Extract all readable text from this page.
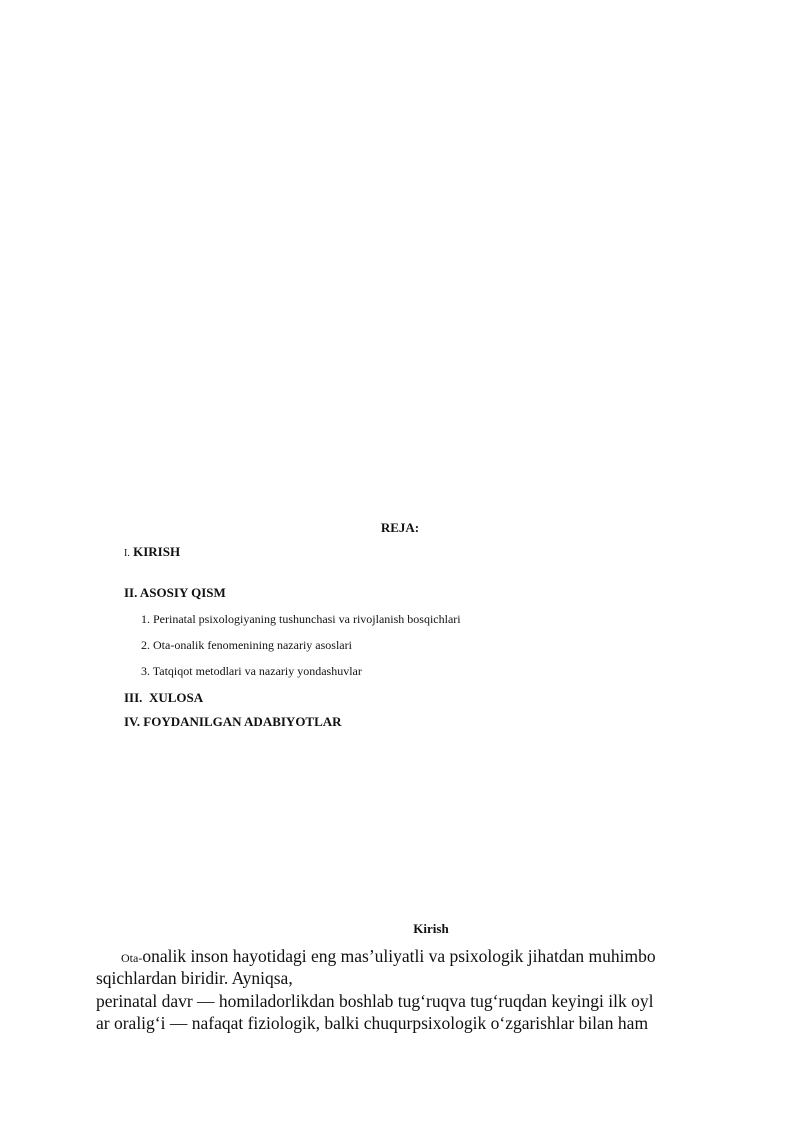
REJA:
I. KIRISH
II. ASOSIY QISM
1. Perinatal psixologiyaning tushunchasi va rivojlanish bosqichlari
2. Ota-onalik fenomenining nazariy asoslari
3. Tatqiqot metodlari va nazariy yondashuvlar
III.  XULOSA
IV. FOYDANILGAN ADABIYOTLAR
Kirish
Ota-onalik inson hayotidagi eng mas’uliyatli va psixologik jihatdan muhimbo
sqichlardan biridir. Ayniqsa,
perinatal davr — homiladorlikdan boshlab tug‘ruqva tug‘ruqdan keyingi ilk oyl
ar oralig‘i — nafaqat fiziologik, balki chuqurpsixologik o‘zgarishlar bilan ham
